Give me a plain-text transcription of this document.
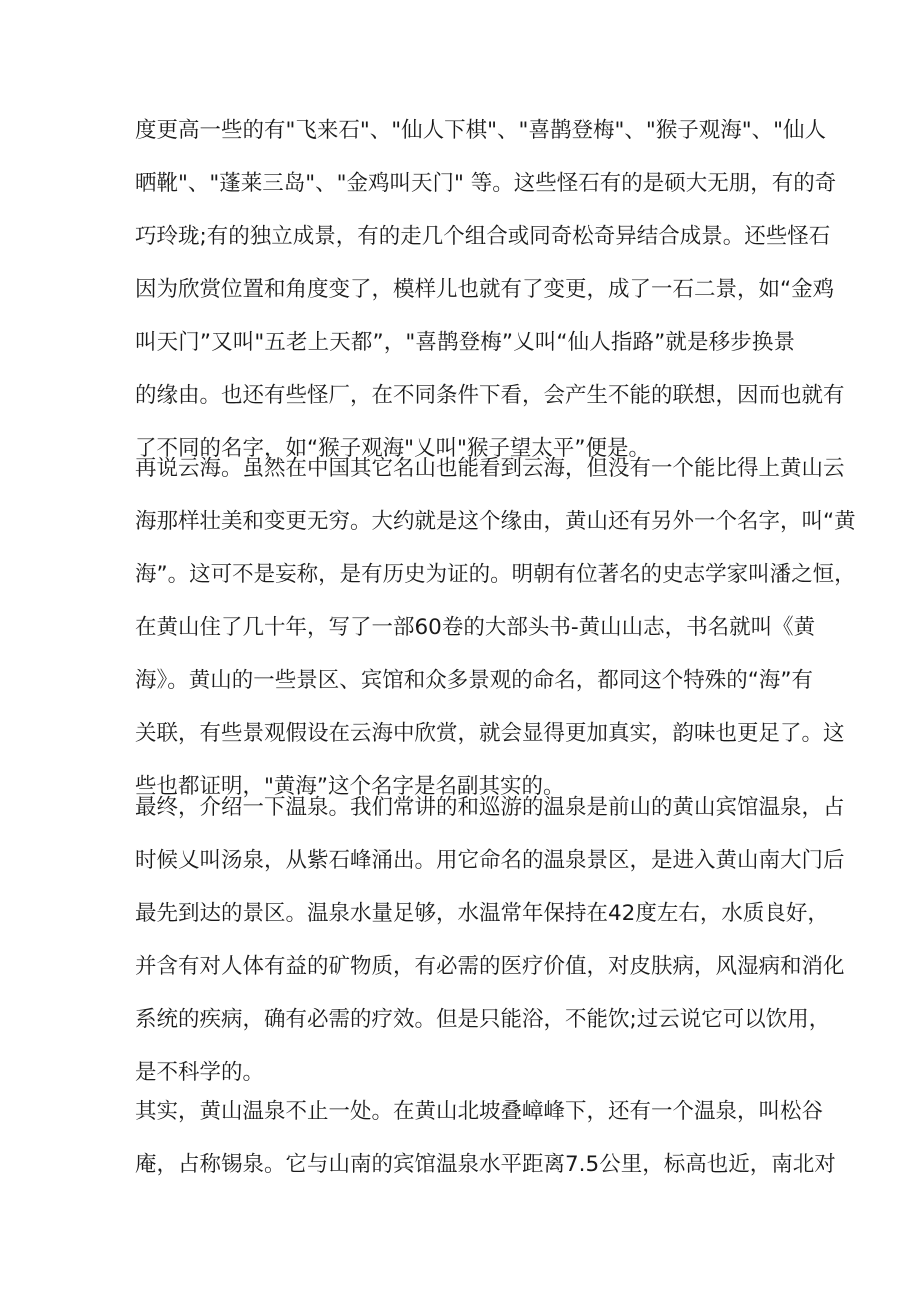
度更高一些的有"飞来石"、"仙人下棋"、"喜鹊登梅"、"猴子观海"、"仙人
晒靴"、"蓬莱三岛"、"金鸡叫天门" 等。这些怪石有的是硕大无朋，有的奇
巧玲珑;有的独立成景，有的走几个组合或同奇松奇异结合成景。还些怪石
因为欣赏位置和角度变了，模样儿也就有了变更，成了一石二景，如“金鸡
叫天门”又叫"五老上天都”，"喜鹊登梅”乂叫“仙人指路”就是移步换景
的缘由。也还有些怪厂，在不同条件下看，会产生不能的联想，因而也就有
了不同的名字，如“猴子观海"乂叫"猴子望太平”便是。
再说云海。虽然在中国其它名山也能看到云海，但没有一个能比得上黄山云
海那样壮美和变更无穷。大约就是这个缘由，黄山还有另外一个名字，叫“黄
海”。这可不是妄称，是有历史为证的。明朝有位著名的史志学家叫潘之恒，
在黄山住了几十年，写了一部60卷的大部头书-黄山山志，书名就叫《黄
海》。黄山的一些景区、宾馆和众多景观的命名，都同这个特殊的“海”有
关联，有些景观假设在云海中欣赏，就会显得更加真实，韵味也更足了。这
些也都证明，"黄海”这个名字是名副其实的。
最终，介绍一下温泉。我们常讲的和巡游的温泉是前山的黄山宾馆温泉，占
时候乂叫汤泉，从紫石峰涌出。用它命名的温泉景区，是进入黄山南大门后
最先到达的景区。温泉水量足够，水温常年保持在42度左右，水质良好，
并含有对人体有益的矿物质，有必需的医疗价值，对皮肤病，风湿病和消化
系统的疾病，确有必需的疗效。但是只能浴，不能饮;过云说它可以饮用，
是不科学的。
其实，黄山温泉不止一处。在黄山北坡叠嶂峰下，还有一个温泉，叫松谷
庵，占称锡泉。它与山南的宾馆温泉水平距离7.5公里，标高也近，南北对
